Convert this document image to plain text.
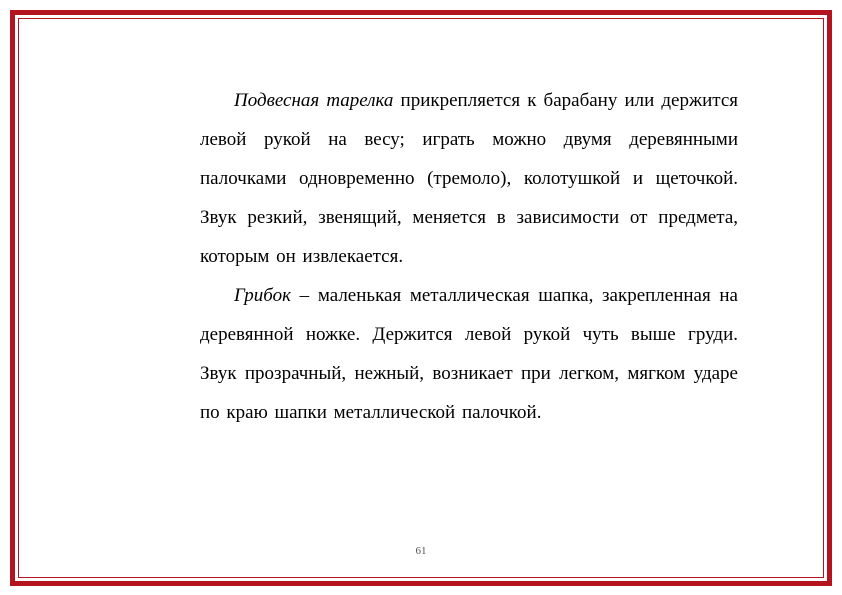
Подвесная тарелка прикрепляется к барабану или держится левой рукой на весу; играть можно двумя деревянными палочками одновременно (тремоло), колотушкой и щеточкой. Звук резкий, звенящий, меняется в зависимости от предмета, которым он извлекается.

Грибок – маленькая металлическая шапка, закрепленная на деревянной ножке. Держится левой рукой чуть выше груди. Звук прозрачный, нежный, возникает при легком, мягком ударе по краю шапки металлической палочкой.

61
